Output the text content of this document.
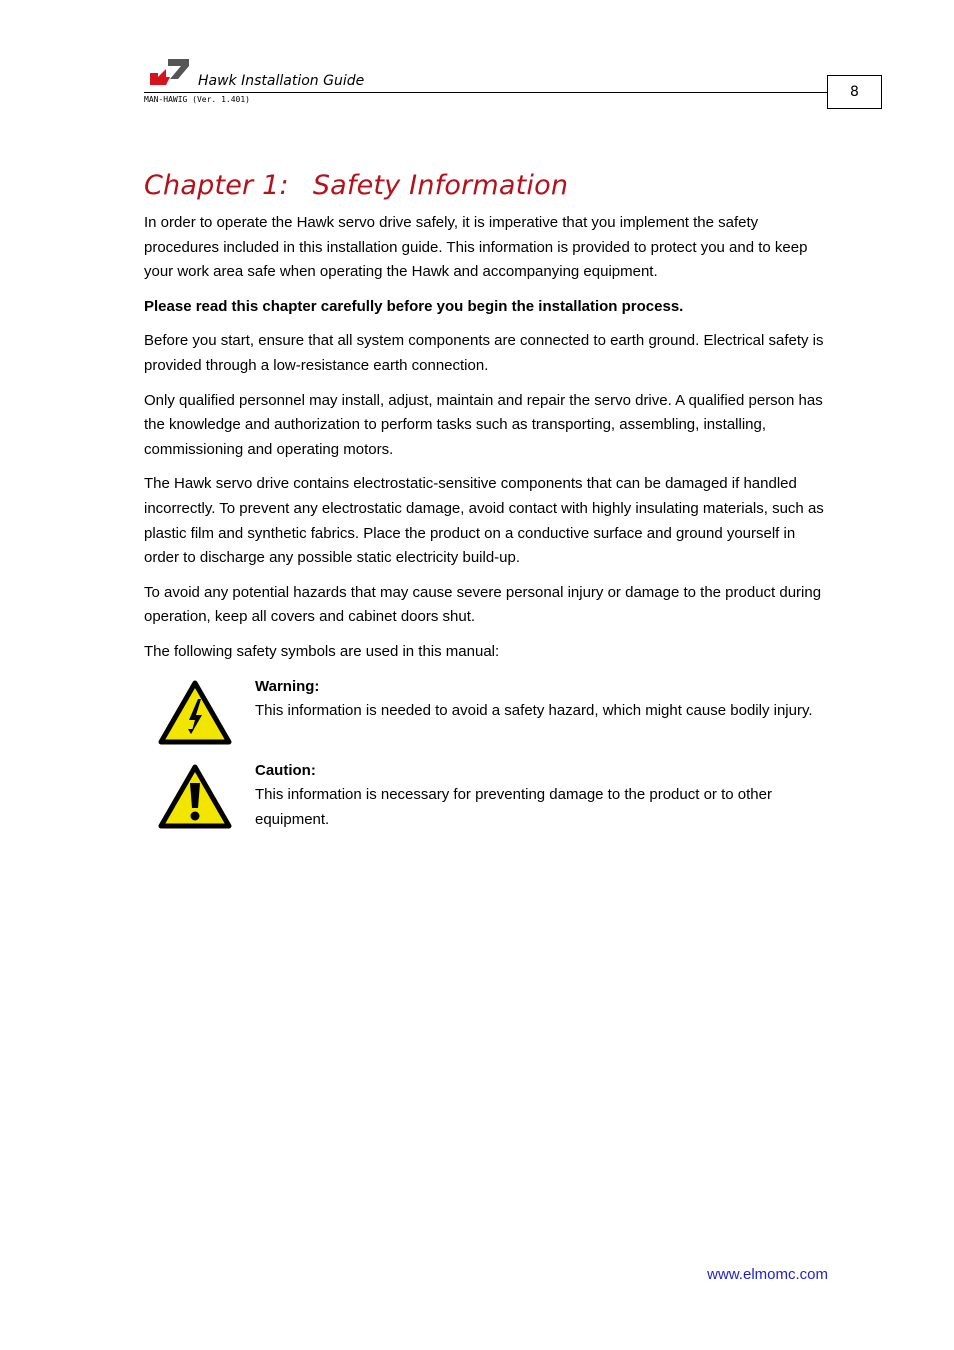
Hawk Installation Guide
MAN-HAWIG (Ver. 1.401)	8
Chapter 1: Safety Information

In order to operate the Hawk servo drive safely, it is imperative that you implement the safety procedures included in this installation guide. This information is provided to protect you and to keep your work area safe when operating the Hawk and accompanying equipment.

Please read this chapter carefully before you begin the installation process.

Before you start, ensure that all system components are connected to earth ground. Electrical safety is provided through a low-resistance earth connection.

Only qualified personnel may install, adjust, maintain and repair the servo drive. A qualified person has the knowledge and authorization to perform tasks such as transporting, assembling, installing, commissioning and operating motors.

The Hawk servo drive contains electrostatic-sensitive components that can be damaged if handled incorrectly. To prevent any electrostatic damage, avoid contact with highly insulating materials, such as plastic film and synthetic fabrics. Place the product on a conductive surface and ground yourself in order to discharge any possible static electricity build-up.

To avoid any potential hazards that may cause severe personal injury or damage to the product during operation, keep all covers and cabinet doors shut.

The following safety symbols are used in this manual:

Warning:
This information is needed to avoid a safety hazard, which might cause bodily injury.
Caution:
This information is necessary for preventing damage to the product or to other equipment.
www.elmomc.com
